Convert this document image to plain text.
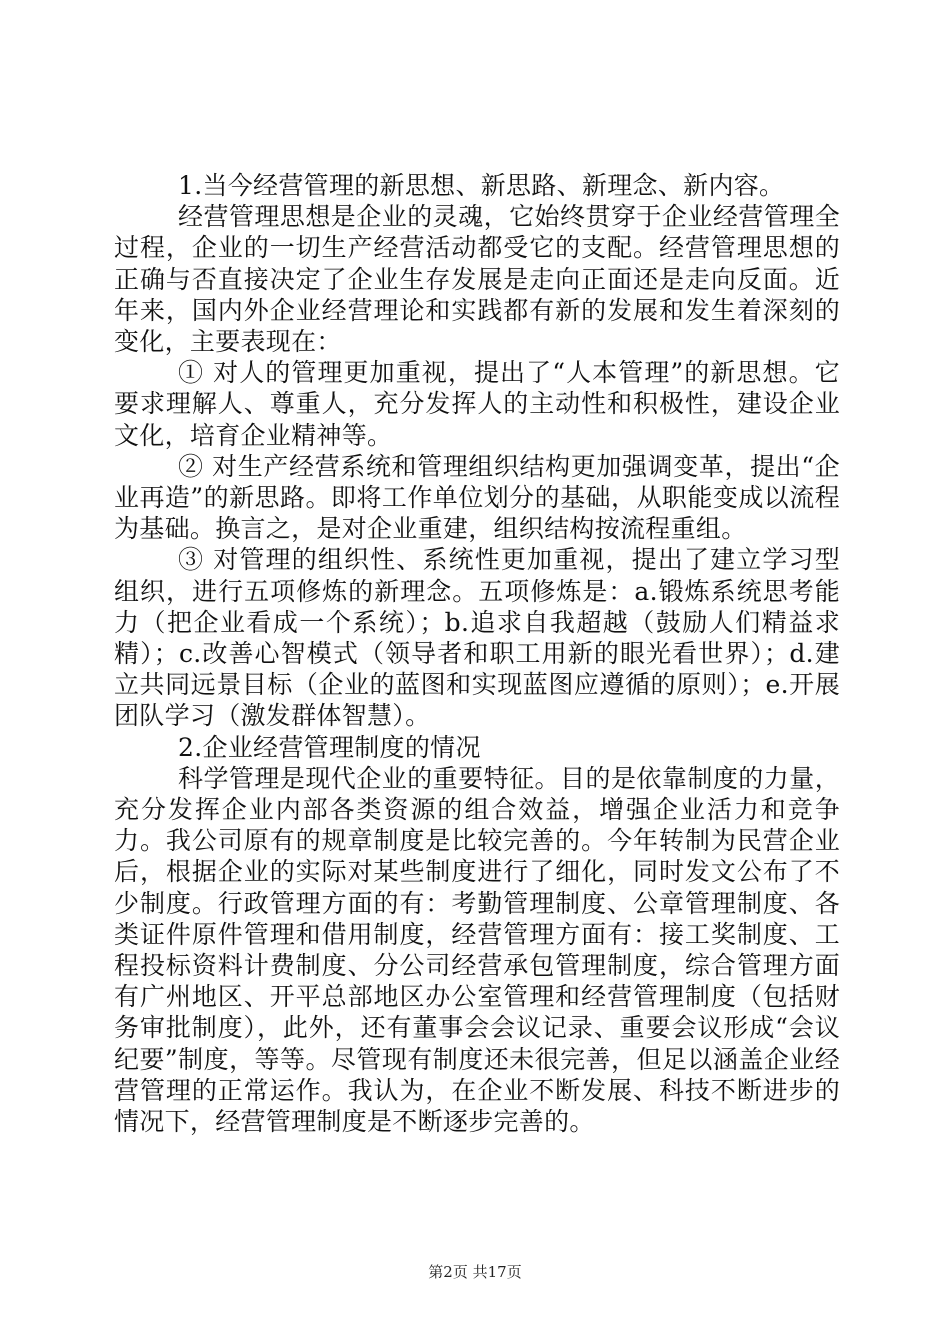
1.当今经营管理的新思想、新思路、新理念、新内容。

经营管理思想是企业的灵魂，它始终贯穿于企业经营管理全过程，企业的一切生产经营活动都受它的支配。经营管理思想的正确与否直接决定了企业生存发展是走向正面还是走向反面。近年来，国内外企业经营理论和实践都有新的发展和发生着深刻的变化，主要表现在：

① 对人的管理更加重视，提出了“人本管理”的新思想。它要求理解人、尊重人，充分发挥人的主动性和积极性，建设企业文化，培育企业精神等。

② 对生产经营系统和管理组织结构更加强调变革，提出“企业再造”的新思路。即将工作单位划分的基础，从职能变成以流程为基础。换言之，是对企业重建，组织结构按流程重组。

③ 对管理的组织性、系统性更加重视，提出了建立学习型组织，进行五项修炼的新理念。五项修炼是：a.锻炼系统思考能力（把企业看成一个系统）；b.追求自我超越（鼓励人们精益求精）；c.改善心智模式（领导者和职工用新的眼光看世界）；d.建立共同远景目标（企业的蓝图和实现蓝图应遵循的原则）；e.开展团队学习（激发群体智慧）。

2.企业经营管理制度的情况

科学管理是现代企业的重要特征。目的是依靠制度的力量，充分发挥企业内部各类资源的组合效益，增强企业活力和竞争力。我公司原有的规章制度是比较完善的。今年转制为民营企业后，根据企业的实际对某些制度进行了细化，同时发文公布了不少制度。行政管理方面的有：考勤管理制度、公章管理制度、各类证件原件管理和借用制度，经营管理方面有：接工奖制度、工程投标资料计费制度、分公司经营承包管理制度，综合管理方面有广州地区、开平总部地区办公室管理和经营管理制度（包括财务审批制度），此外，还有董事会会议记录、重要会议形成“会议纪要”制度，等等。尽管现有制度还未很完善，但足以涵盖企业经营管理的正常运作。我认为，在企业不断发展、科技不断进步的情况下，经营管理制度是不断逐步完善的。

第2页 共17页
